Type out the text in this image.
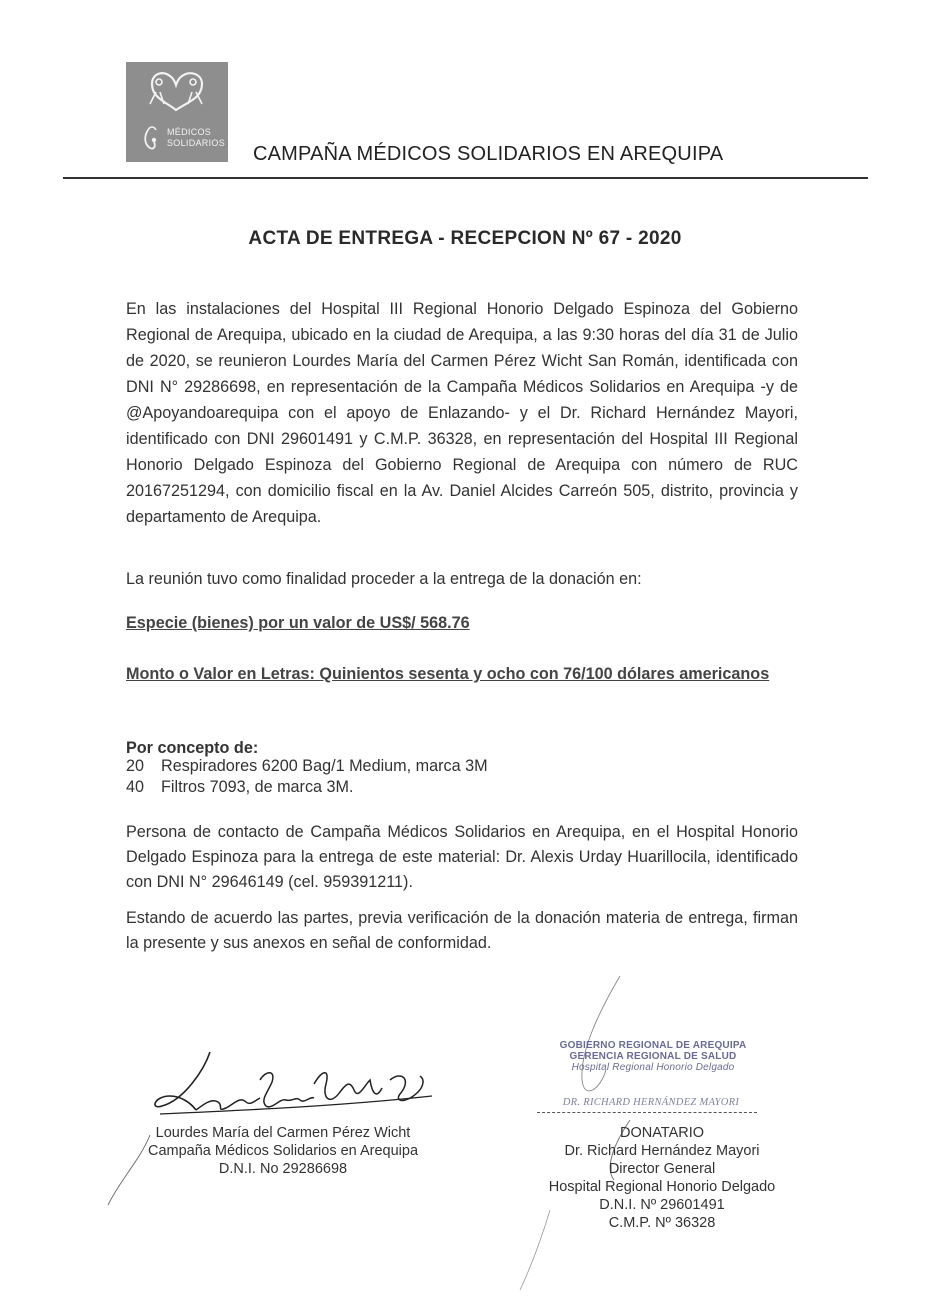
MÉDICOS
SOLIDARIOS CAMPAÑA MÉDICOS SOLIDARIOS EN AREQUIPA
ACTA DE ENTREGA - RECEPCION Nº 67 - 2020
En las instalaciones del Hospital III Regional Honorio Delgado Espinoza del Gobierno Regional de Arequipa, ubicado en la ciudad de Arequipa, a las 9:30 horas del día 31 de Julio de 2020, se reunieron Lourdes María del Carmen Pérez Wicht San Román, identificada con DNI N° 29286698, en representación de la Campaña Médicos Solidarios en Arequipa -y de @Apoyandoarequipa con el apoyo de Enlazando- y el Dr. Richard Hernández Mayori, identificado con DNI 29601491 y C.M.P. 36328, en representación del Hospital III Regional Honorio Delgado Espinoza del Gobierno Regional de Arequipa con número de RUC 20167251294, con domicilio fiscal en la Av. Daniel Alcides Carreón 505, distrito, provincia y departamento de Arequipa.
La reunión tuvo como finalidad proceder a la entrega de la donación en:
Especie (bienes) por un valor de US$/ 568.76
Monto o Valor en Letras: Quinientos sesenta y ocho con 76/100 dólares americanos
Por concepto de:
20	Respiradores 6200 Bag/1 Medium, marca 3M
40	Filtros 7093, de marca 3M.
Persona de contacto de Campaña Médicos Solidarios en Arequipa, en el Hospital Honorio Delgado Espinoza para la entrega de este material: Dr. Alexis Urday Huarillocila, identificado con DNI N° 29646149 (cel. 959391211).
Estando de acuerdo las partes, previa verificación de la donación materia de entrega, firman la presente y sus anexos en señal de conformidad.
Lourdes María del Carmen Pérez Wicht
Campaña Médicos Solidarios en Arequipa
D.N.I. No 29286698
GOBIERNO REGIONAL DE AREQUIPA
GERENCIA REGIONAL DE SALUD
Hospital Regional Honorio Delgado
DR. RICHARD HERNÁNDEZ MAYORI
DONATARIO
Dr. Richard Hernández Mayori
Director General
Hospital Regional Honorio Delgado
D.N.I. Nº 29601491
C.M.P. Nº 36328
